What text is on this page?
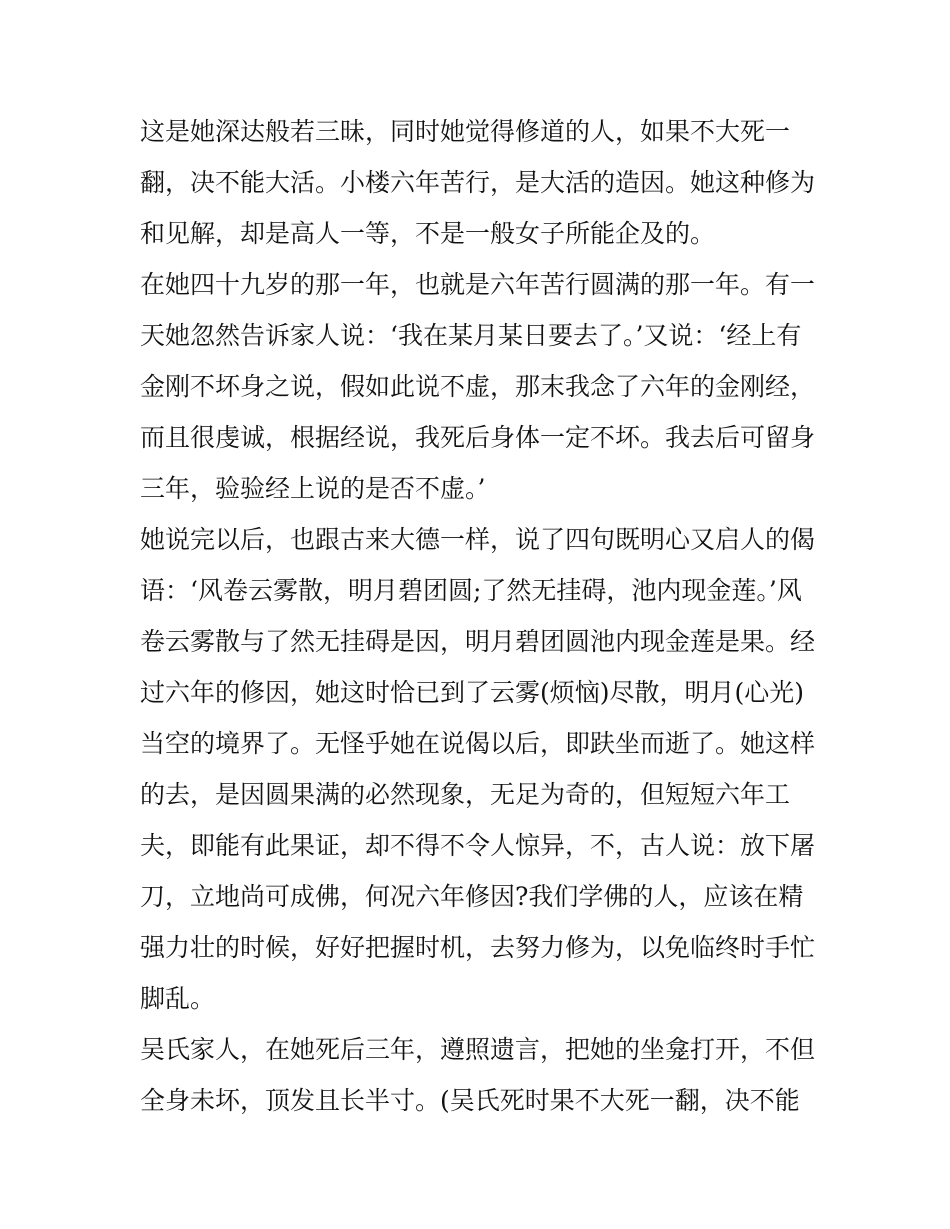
这是她深达般若三昧，同时她觉得修道的人，如果不大死一
翻，决不能大活。小楼六年苦行，是大活的造因。她这种修为
和见解，却是高人一等，不是一般女子所能企及的。
在她四十九岁的那一年，也就是六年苦行圆满的那一年。有一
天她忽然告诉家人说：‘我在某月某日要去了。’又说：‘经上有
金刚不坏身之说，假如此说不虚，那末我念了六年的金刚经，
而且很虔诚，根据经说，我死后身体一定不坏。我去后可留身
三年，验验经上说的是否不虚。’
她说完以后，也跟古来大德一样，说了四句既明心又启人的偈
语：‘风卷云雾散，明月碧团圆;了然无挂碍，池内现金莲。’风
卷云雾散与了然无挂碍是因，明月碧团圆池内现金莲是果。经
过六年的修因，她这时恰已到了云雾(烦恼)尽散，明月(心光)
当空的境界了。无怪乎她在说偈以后，即趺坐而逝了。她这样
的去，是因圆果满的必然现象，无足为奇的，但短短六年工
夫，即能有此果证，却不得不令人惊异，不，古人说：放下屠
刀，立地尚可成佛，何况六年修因?我们学佛的人，应该在精
强力壮的时候，好好把握时机，去努力修为，以免临终时手忙
脚乱。
吴氏家人，在她死后三年，遵照遗言，把她的坐龛打开，不但
全身未坏，顶发且长半寸。(吴氏死时果不大死一翻，决不能
